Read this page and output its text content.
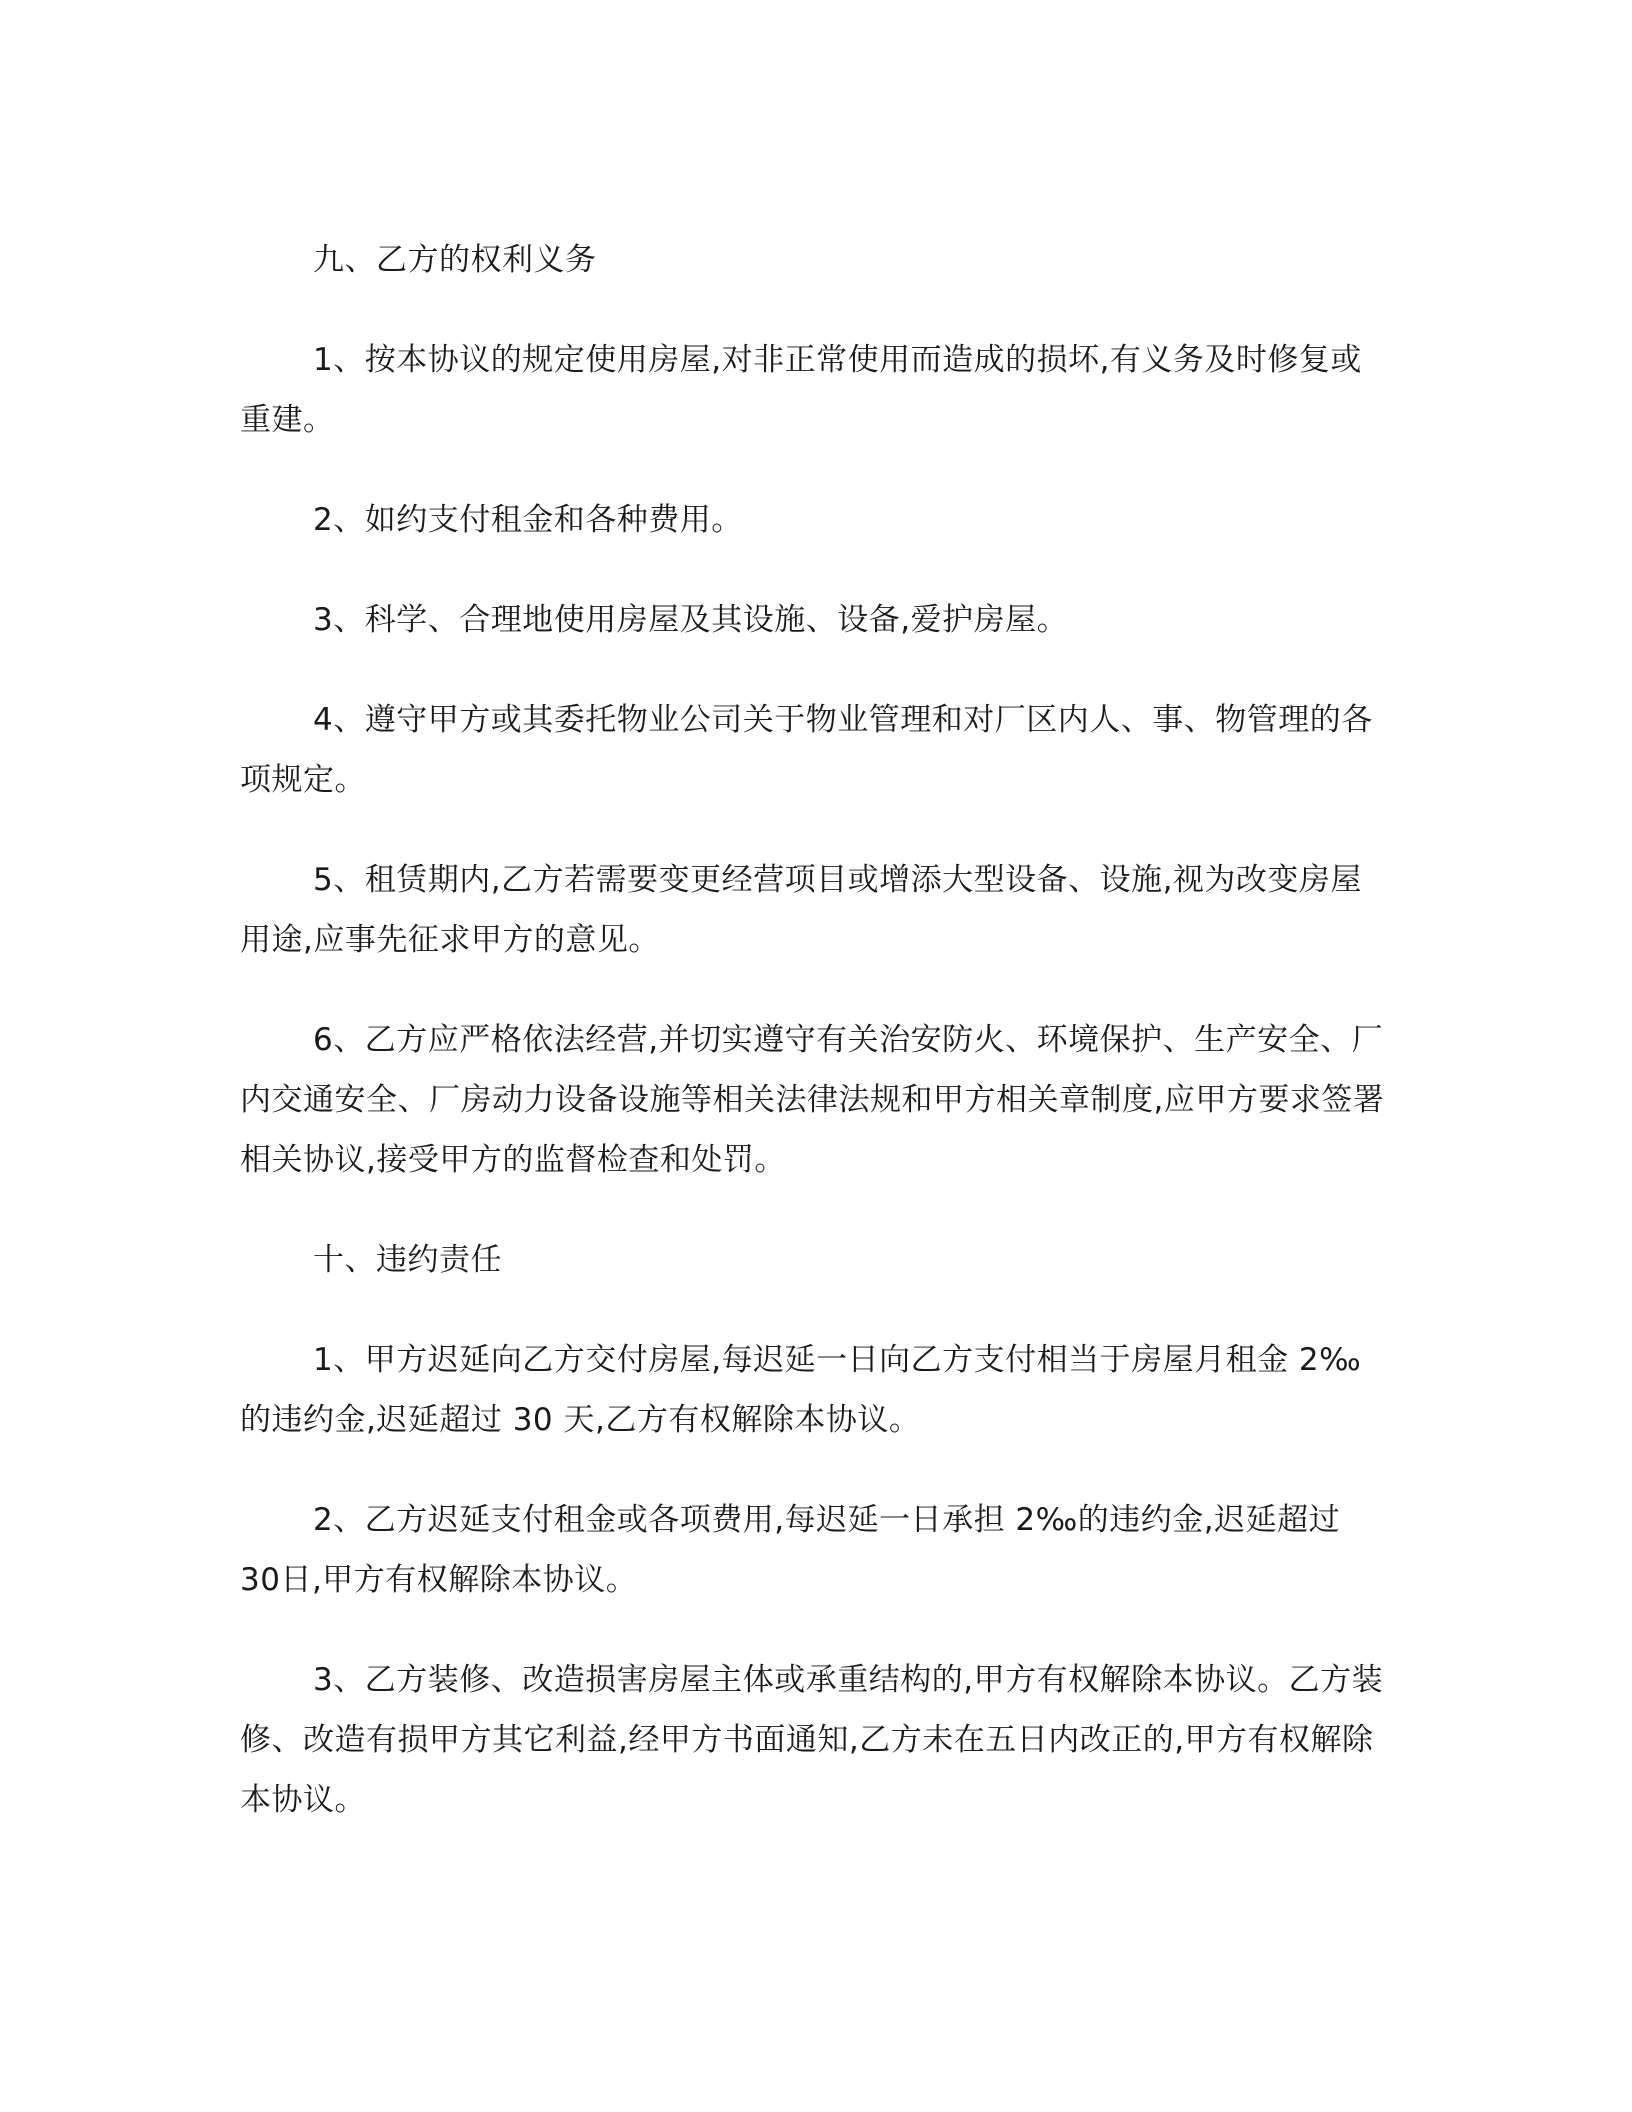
九、乙方的权利义务

1、按本协议的规定使用房屋,对非正常使用而造成的损坏,有义务及时修复或重建。

2、如约支付租金和各种费用。

3、科学、合理地使用房屋及其设施、设备,爱护房屋。

4、遵守甲方或其委托物业公司关于物业管理和对厂区内人、事、物管理的各项规定。

5、租赁期内,乙方若需要变更经营项目或增添大型设备、设施,视为改变房屋用途,应事先征求甲方的意见。

6、乙方应严格依法经营,并切实遵守有关治安防火、环境保护、生产安全、厂内交通安全、厂房动力设备设施等相关法律法规和甲方相关章制度,应甲方要求签署相关协议,接受甲方的监督检查和处罚。

十、违约责任

1、甲方迟延向乙方交付房屋,每迟延一日向乙方支付相当于房屋月租金 2‰的违约金,迟延超过 30 天,乙方有权解除本协议。

2、乙方迟延支付租金或各项费用,每迟延一日承担 2‰的违约金,迟延超过 30日,甲方有权解除本协议。

3、乙方装修、改造损害房屋主体或承重结构的,甲方有权解除本协议。乙方装修、改造有损甲方其它利益,经甲方书面通知,乙方未在五日内改正的,甲方有权解除本协议。
